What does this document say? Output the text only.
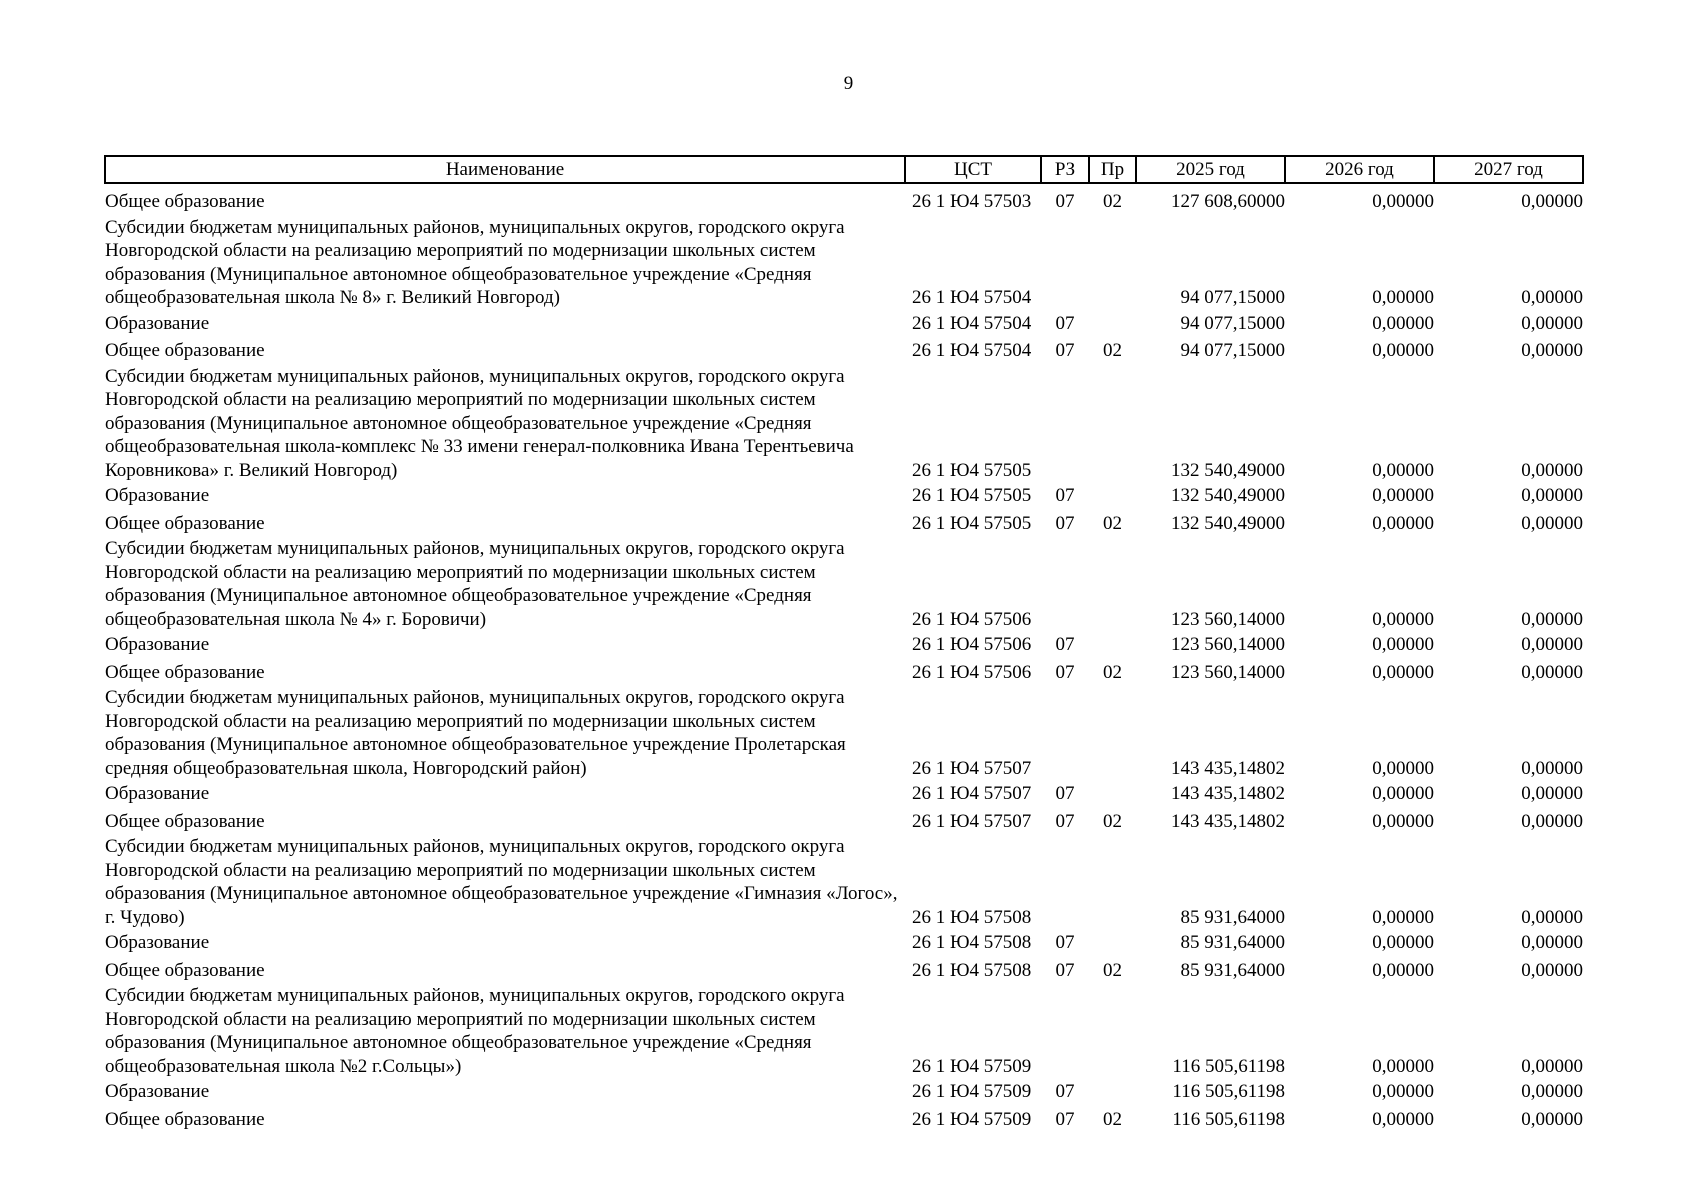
9
Наименование	ЦСТ	РЗ	Пр	2025 год	2026 год	2027 год
Общее образование	26 1 Ю4 57503	07	02	127 608,60000	0,00000	0,00000
Субсидии бюджетам муниципальных районов, муниципальных округов, городского округа Новгородской области на реализацию мероприятий по модернизации школьных систем образования (Муниципальное автономное общеобразовательное учреждение «Средняя общеобразовательная школа № 8» г. Великий Новгород)	26 1 Ю4 57504			94 077,15000	0,00000	0,00000
Образование	26 1 Ю4 57504	07		94 077,15000	0,00000	0,00000
Общее образование	26 1 Ю4 57504	07	02	94 077,15000	0,00000	0,00000
Субсидии бюджетам муниципальных районов, муниципальных округов, городского округа Новгородской области на реализацию мероприятий по модернизации школьных систем образования (Муниципальное автономное общеобразовательное учреждение «Средняя общеобразовательная школа-комплекс № 33 имени генерал-полковника Ивана Терентьевича Коровникова» г. Великий Новгород)	26 1 Ю4 57505			132 540,49000	0,00000	0,00000
Образование	26 1 Ю4 57505	07		132 540,49000	0,00000	0,00000
Общее образование	26 1 Ю4 57505	07	02	132 540,49000	0,00000	0,00000
Субсидии бюджетам муниципальных районов, муниципальных округов, городского округа Новгородской области на реализацию мероприятий по модернизации школьных систем образования (Муниципальное автономное общеобразовательное учреждение «Средняя общеобразовательная школа № 4» г. Боровичи)	26 1 Ю4 57506			123 560,14000	0,00000	0,00000
Образование	26 1 Ю4 57506	07		123 560,14000	0,00000	0,00000
Общее образование	26 1 Ю4 57506	07	02	123 560,14000	0,00000	0,00000
Субсидии бюджетам муниципальных районов, муниципальных округов, городского округа Новгородской области на реализацию мероприятий по модернизации школьных систем образования (Муниципальное автономное общеобразовательное учреждение Пролетарская средняя общеобразовательная школа, Новгородский район)	26 1 Ю4 57507			143 435,14802	0,00000	0,00000
Образование	26 1 Ю4 57507	07		143 435,14802	0,00000	0,00000
Общее образование	26 1 Ю4 57507	07	02	143 435,14802	0,00000	0,00000
Субсидии бюджетам муниципальных районов, муниципальных округов, городского округа Новгородской области на реализацию мероприятий по модернизации школьных систем образования (Муниципальное автономное общеобразовательное учреждение «Гимназия «Логос», г. Чудово)	26 1 Ю4 57508			85 931,64000	0,00000	0,00000
Образование	26 1 Ю4 57508	07		85 931,64000	0,00000	0,00000
Общее образование	26 1 Ю4 57508	07	02	85 931,64000	0,00000	0,00000
Субсидии бюджетам муниципальных районов, муниципальных округов, городского округа Новгородской области на реализацию мероприятий по модернизации школьных систем образования (Муниципальное автономное общеобразовательное учреждение «Средняя общеобразовательная школа №2 г.Сольцы»)	26 1 Ю4 57509			116 505,61198	0,00000	0,00000
Образование	26 1 Ю4 57509	07		116 505,61198	0,00000	0,00000
Общее образование	26 1 Ю4 57509	07	02	116 505,61198	0,00000	0,00000
